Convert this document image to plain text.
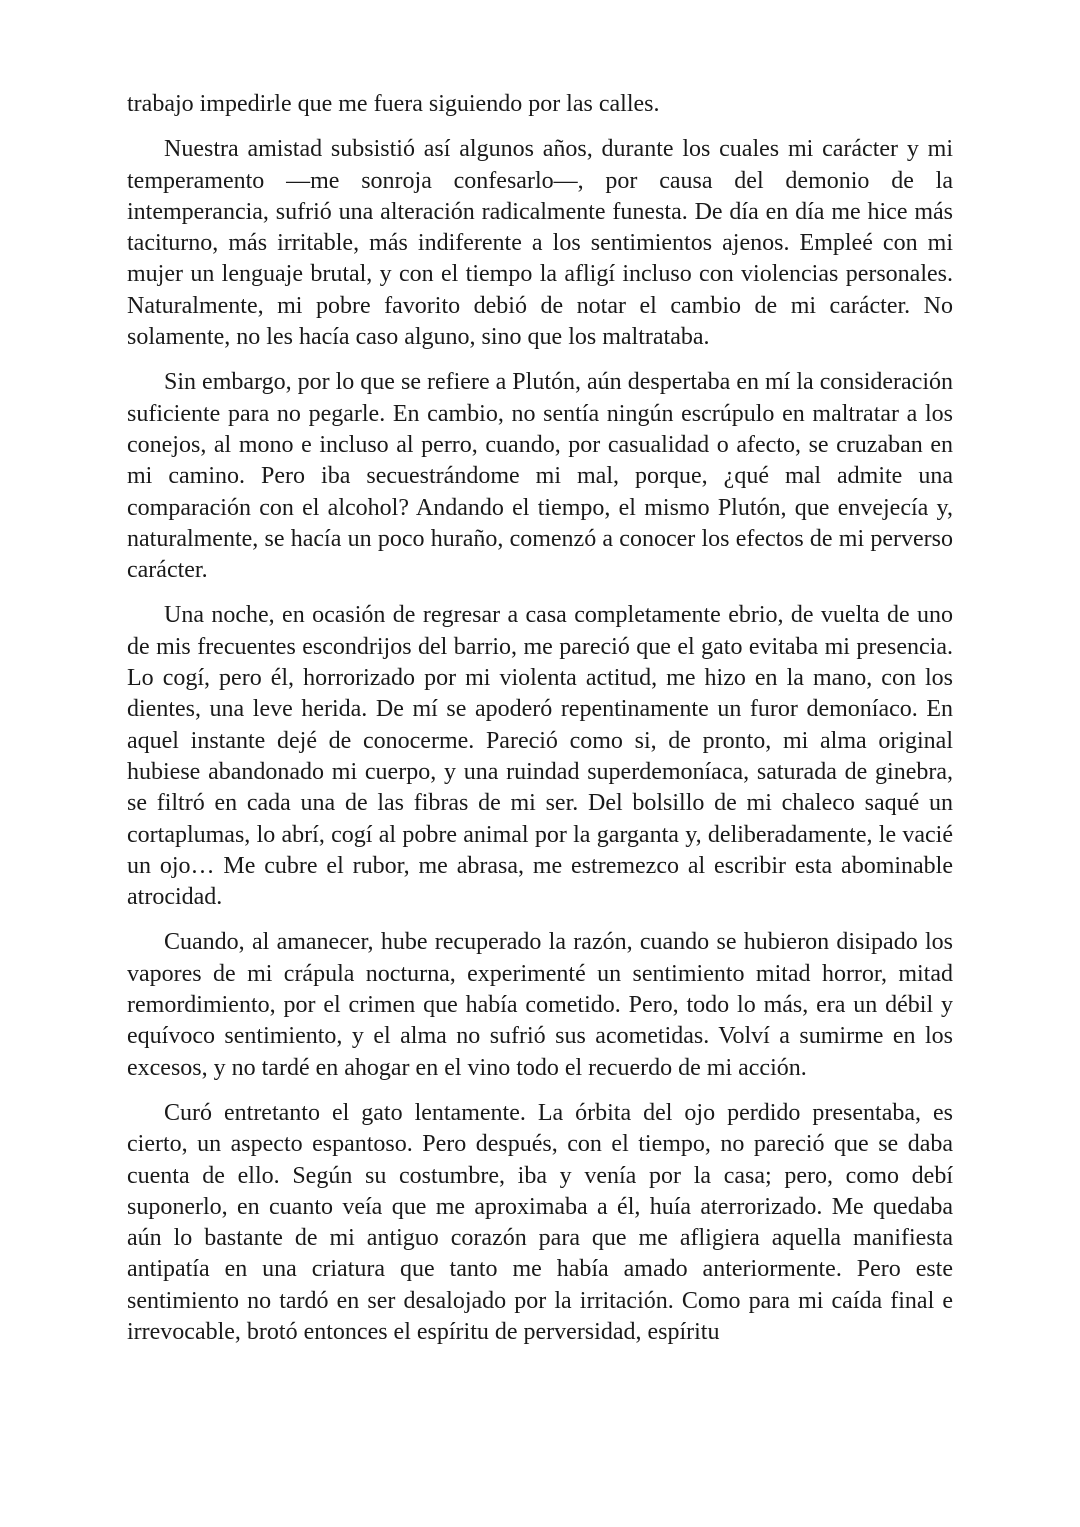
trabajo impedirle que me fuera siguiendo por las calles.

Nuestra amistad subsistió así algunos años, durante los cuales mi carácter y mi temperamento —me sonroja confesarlo—, por causa del demonio de la intemperancia, sufrió una alteración radicalmente funesta. De día en día me hice más taciturno, más irritable, más indiferente a los sentimientos ajenos. Empleé con mi mujer un lenguaje brutal, y con el tiempo la afligí incluso con violencias personales. Naturalmente, mi pobre favorito debió de notar el cambio de mi carácter. No solamente, no les hacía caso alguno, sino que los maltrataba.

Sin embargo, por lo que se refiere a Plutón, aún despertaba en mí la consideración suficiente para no pegarle. En cambio, no sentía ningún escrúpulo en maltratar a los conejos, al mono e incluso al perro, cuando, por casualidad o afecto, se cruzaban en mi camino. Pero iba secuestrándome mi mal, porque, ¿qué mal admite una comparación con el alcohol? Andando el tiempo, el mismo Plutón, que envejecía y, naturalmente, se hacía un poco huraño, comenzó a conocer los efectos de mi perverso carácter.

Una noche, en ocasión de regresar a casa completamente ebrio, de vuelta de uno de mis frecuentes escondrijos del barrio, me pareció que el gato evitaba mi presencia. Lo cogí, pero él, horrorizado por mi violenta actitud, me hizo en la mano, con los dientes, una leve herida. De mí se apoderó repentinamente un furor demoníaco. En aquel instante dejé de conocerme. Pareció como si, de pronto, mi alma original hubiese abandonado mi cuerpo, y una ruindad superdemoníaca, saturada de ginebra, se filtró en cada una de las fibras de mi ser. Del bolsillo de mi chaleco saqué un cortaplumas, lo abrí, cogí al pobre animal por la garganta y, deliberadamente, le vacié un ojo… Me cubre el rubor, me abrasa, me estremezco al escribir esta abominable atrocidad.

Cuando, al amanecer, hube recuperado la razón, cuando se hubieron disipado los vapores de mi crápula nocturna, experimenté un sentimiento mitad horror, mitad remordimiento, por el crimen que había cometido. Pero, todo lo más, era un débil y equívoco sentimiento, y el alma no sufrió sus acometidas. Volví a sumirme en los excesos, y no tardé en ahogar en el vino todo el recuerdo de mi acción.

Curó entretanto el gato lentamente. La órbita del ojo perdido presentaba, es cierto, un aspecto espantoso. Pero después, con el tiempo, no pareció que se daba cuenta de ello. Según su costumbre, iba y venía por la casa; pero, como debí suponerlo, en cuanto veía que me aproximaba a él, huía aterrorizado. Me quedaba aún lo bastante de mi antiguo corazón para que me afligiera aquella manifiesta antipatía en una criatura que tanto me había amado anteriormente. Pero este sentimiento no tardó en ser desalojado por la irritación. Como para mi caída final e irrevocable, brotó entonces el espíritu de perversidad, espíritu
